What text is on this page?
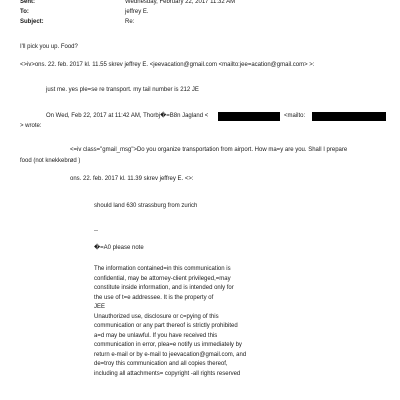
Sent:	Wednesday, February 22, 2017 11:32 AM
To:	jeffrey E.
Subject:	Re:
I'll pick you up. Food?
<>iv>ons. 22. feb. 2017 kl. 11.55 skrev jeffrey E. <jeevacation@gmail.com <mailto:jee=acation@gmail.com> >:
just me. yes ple=se re transport. my tail number is 212 JE
On Wed, Feb 22, 2017 at 11:42 AM, Thorbj�=B8n Jagland <	<mailto:
> wrote:
<=iv class="gmail_msg">Do you organize transportation from airport. How ma=y are you. Shall I prepare
food (not knekkebrød )
ons. 22. feb. 2017 kl. 11.39 skrev jeffrey E. <>:
should land 630 strassburg from zurich
--
�=A0 please note
The information contained=in this communication is
confidential, may be attorney-client privileged,=may
constitute inside information, and is intended only for
the use of t=e addressee. It is the property of
JEE
Unauthorized use, disclosure or c=pying of this
communication or any part thereof is strictly prohibited
a=d may be unlawful. If you have received this
communication in error, plea=e notify us immediately by
return e-mail or by e-mail to jeevacation@gmail.com, and
de=troy this communication and all copies thereof,
including all attachments= copyright -all rights reserved
